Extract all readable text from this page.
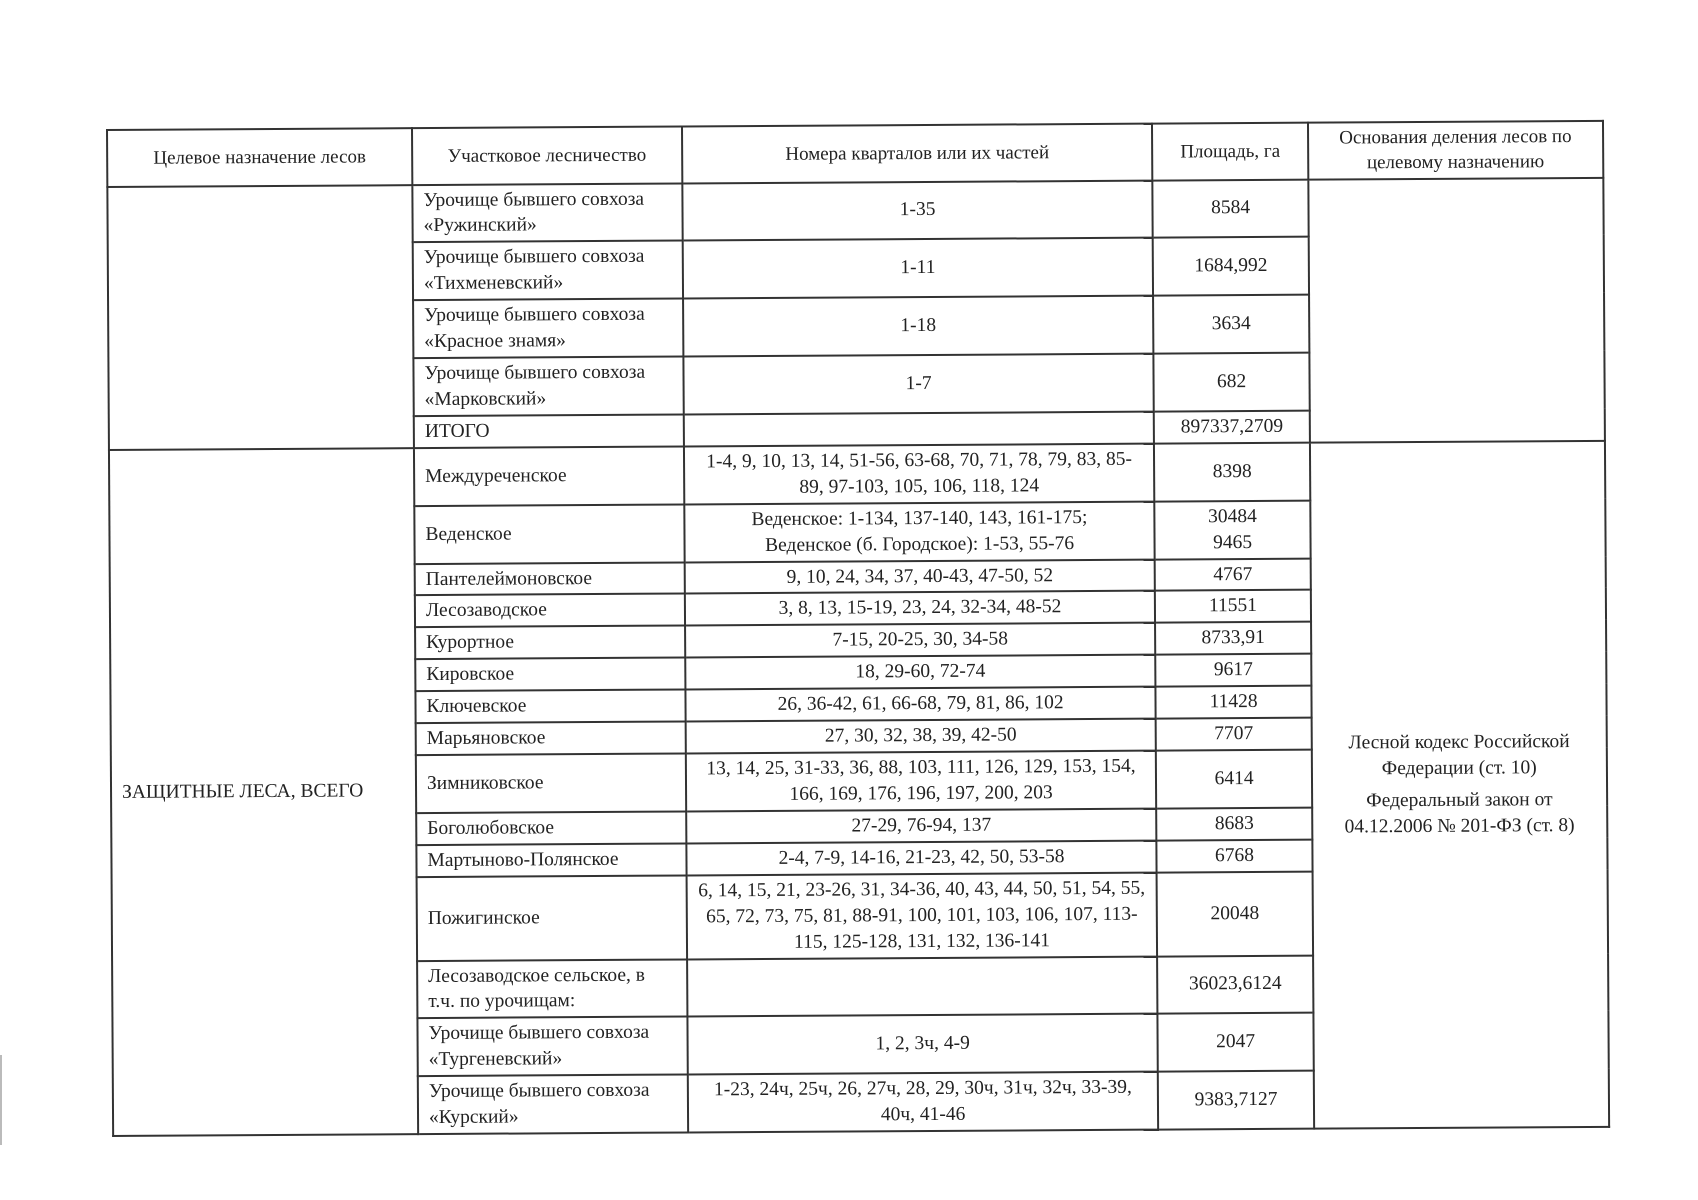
Целевое назначение лесов	Участковое лесничество	Номера кварталов или их частей	Площадь, га	Основания деления лесов по целевому назначению
	Урочище бывшего совхоза «Ружинский»	1-35	8584	
	Урочище бывшего совхоза «Тихменевский»	1-11	1684,992	
	Урочище бывшего совхоза «Красное знамя»	1-18	3634	
	Урочище бывшего совхоза «Марковский»	1-7	682	
	ИТОГО		897337,2709	
ЗАЩИТНЫЕ ЛЕСА, ВСЕГО	Междуреченское	1-4, 9, 10, 13, 14, 51-56, 63-68, 70, 71, 78, 79, 83, 85-89, 97-103, 105, 106, 118, 124	8398	Лесной кодекс Российской Федерации (ст. 10)
Федеральный закон от 04.12.2006 № 201-ФЗ (ст. 8)

	Веденское	Веденское: 1-134, 137-140, 143, 161-175;
Веденское (б. Городское): 1-53, 55-76	30484
9465	

	Пантелеймоновское	9, 10, 24, 34, 37, 40-43, 47-50, 52	4767	
	Лесозаводское	3, 8, 13, 15-19, 23, 24, 32-34, 48-52	11551	
	Курортное	7-15, 20-25, 30, 34-58	8733,91	
	Кировское	18, 29-60, 72-74	9617	
	Ключевское	26, 36-42, 61, 66-68, 79, 81, 86, 102	11428	
	Марьяновское	27, 30, 32, 38, 39, 42-50	7707	
	Зимниковское	13, 14, 25, 31-33, 36, 88, 103, 111, 126, 129, 153, 154, 166, 169, 176, 196, 197, 200, 203	6414	
	Боголюбовское	27-29, 76-94, 137	8683	
	Мартыново-Полянское	2-4, 7-9, 14-16, 21-23, 42, 50, 53-58	6768	
	Пожигинское	6, 14, 15, 21, 23-26, 31, 34-36, 40, 43, 44, 50, 51, 54, 55, 65, 72, 73, 75, 81, 88-91, 100, 101, 103, 106, 107, 113-115, 125-128, 131, 132, 136-141	20048	
	Лесозаводское сельское, в т.ч. по урочищам:		36023,6124	
	Урочище бывшего совхоза «Тургеневский»	1, 2, 3ч, 4-9	2047	
	Урочище бывшего совхоза «Курский»	1-23, 24ч, 25ч, 26, 27ч, 28, 29, 30ч, 31ч, 32ч, 33-39, 40ч, 41-46	9383,7127	
